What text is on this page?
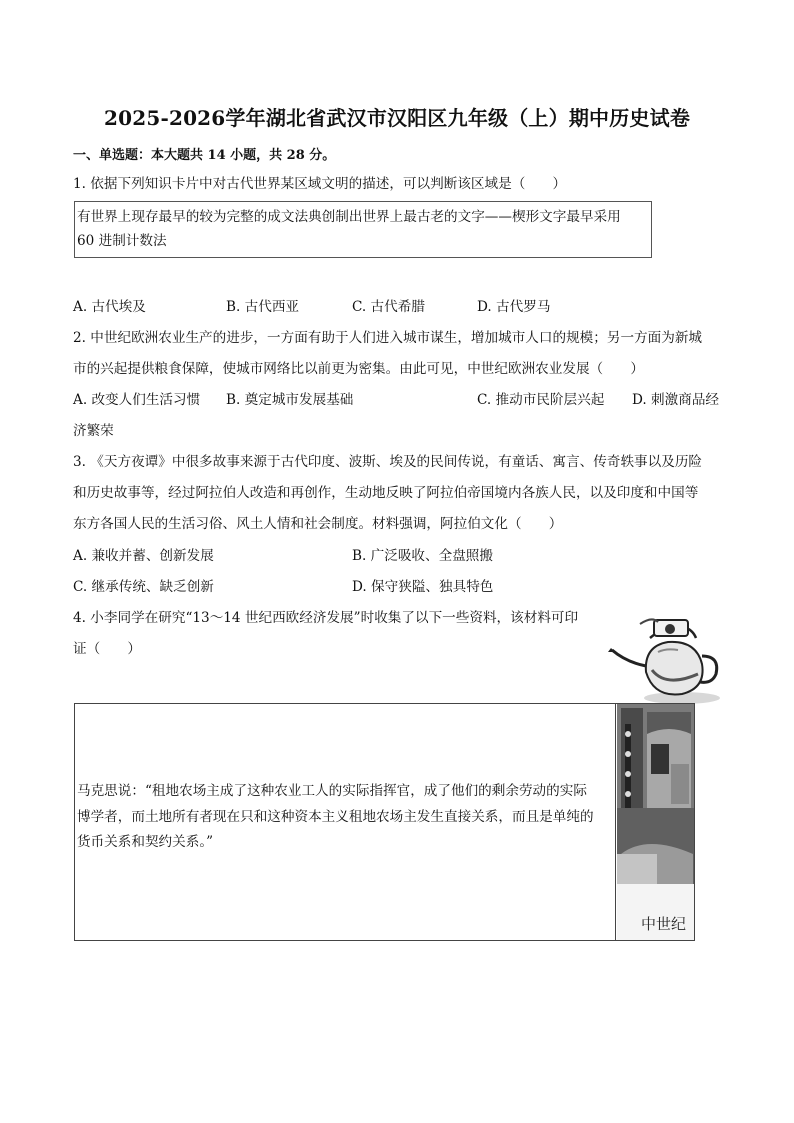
2025-2026学年湖北省武汉市汉阳区九年级（上）期中历史试卷
一、单选题：本大题共 14 小题，共 28 分。
1. 依据下列知识卡片中对古代世界某区域文明的描述，可以判断该区域是（　　）
有世界上现存最早的较为完整的成文法典创制出世界上最古老的文字——楔形文字最早采用
60 进制计数法
A. 古代埃及	B. 古代西亚	C. 古代希腊	D. 古代罗马
2. 中世纪欧洲农业生产的进步，一方面有助于人们进入城市谋生，增加城市人口的规模；另一方面为新城
市的兴起提供粮食保障，使城市网络比以前更为密集。由此可见，中世纪欧洲农业发展（　　）
A. 改变人们生活习惯 B. 奠定城市发展基础	C. 推动市民阶层兴起 D. 刺激商品经
济繁荣
3. 《天方夜谭》中很多故事来源于古代印度、波斯、埃及的民间传说，有童话、寓言、传奇轶事以及历险
和历史故事等，经过阿拉伯人改造和再创作，生动地反映了阿拉伯帝国境内各族人民，以及印度和中国等
东方各国人民的生活习俗、风土人情和社会制度。材料强调，阿拉伯文化（　　）
A. 兼收并蓄、创新发展	B. 广泛吸收、全盘照搬
C. 继承传统、缺乏创新	D. 保守狭隘、独具特色
4. 小李同学在研究“13～14 世纪西欧经济发展”时收集了以下一些资料，该材料可印
证（　　）
马克思说：“租地农场主成了这种农业工人的实际指挥官，成了他们的剩余劳动的实际
博学者，而土地所有者现在只和这种资本主义租地农场主发生直接关系，而且是单纯的
货币关系和契约关系。”
中世纪
